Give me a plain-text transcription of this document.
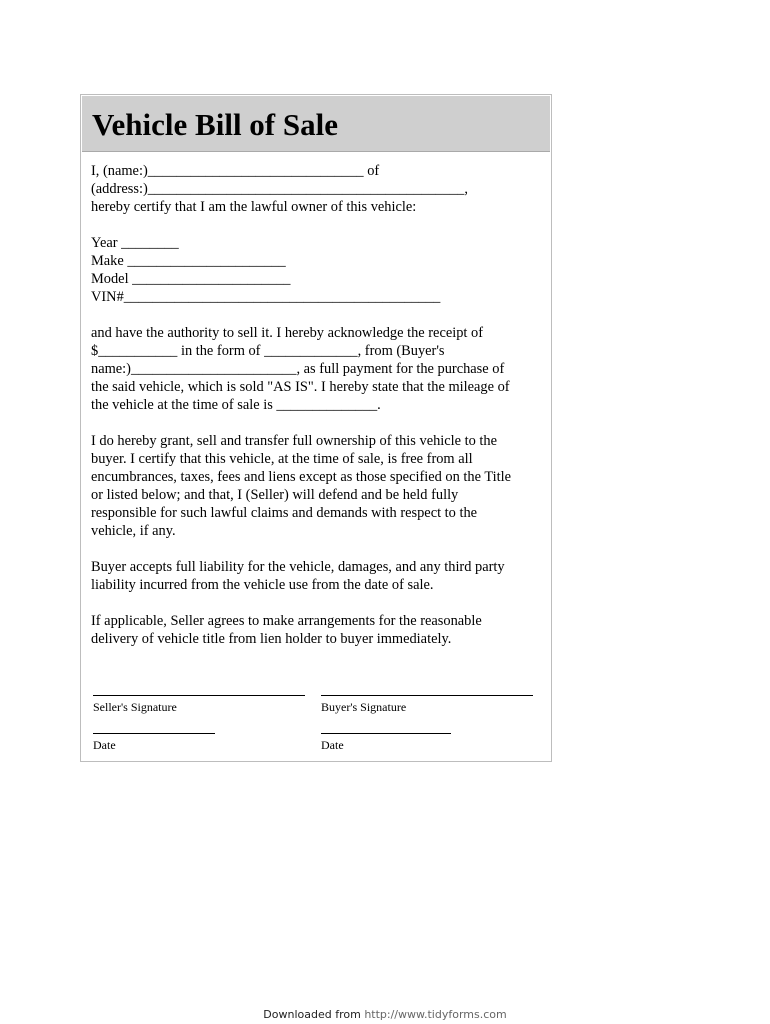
Vehicle Bill of Sale
I, (name:)______________________________ of
(address:)____________________________________________,
hereby certify that I am the lawful owner of this vehicle:
Year ________
Make ______________________
Model ______________________
VIN#____________________________________________
and have the authority to sell it. I hereby acknowledge the receipt of
$___________ in the form of _____________, from (Buyer's
name:)_______________________, as full payment for the purchase of
the said vehicle, which is sold "AS IS". I hereby state that the mileage of
the vehicle at the time of sale is ______________.
I do hereby grant, sell and transfer full ownership of this vehicle to the
buyer. I certify that this vehicle, at the time of sale, is free from all
encumbrances, taxes, fees and liens except as those specified on the Title
or listed below; and that, I (Seller) will defend and be held fully
responsible for such lawful claims and demands with respect to the
vehicle, if any.
Buyer accepts full liability for the vehicle, damages, and any third party
liability incurred from the vehicle use from the date of sale.
If applicable, Seller agrees to make arrangements for the reasonable
delivery of vehicle title from lien holder to buyer immediately.
Seller's Signature	Buyer's Signature
Date	Date
Downloaded from http://www.tidyforms.com
